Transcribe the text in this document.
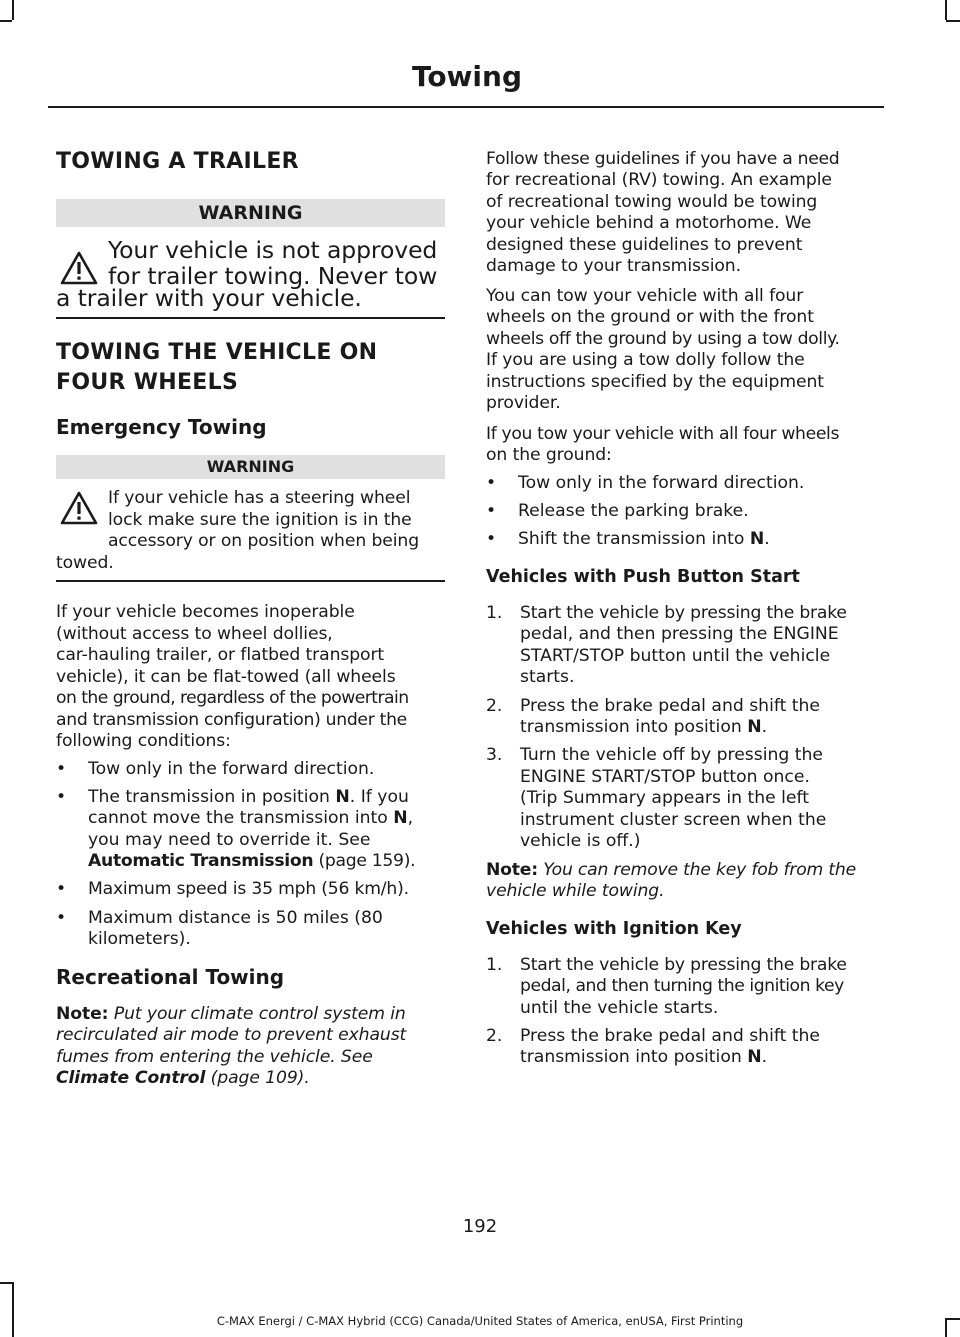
Towing
TOWING A TRAILER
WARNING
Your vehicle is not approved
for trailer towing. Never tow
a trailer with your vehicle.
TOWING THE VEHICLE ON
FOUR WHEELS
Emergency Towing
WARNING
If your vehicle has a steering wheel
lock make sure the ignition is in the
accessory or on position when being
towed.
If your vehicle becomes inoperable
(without access to wheel dollies,
car-hauling trailer, or flatbed transport
vehicle), it can be flat-towed (all wheels
on the ground, regardless of the powertrain
and transmission configuration) under the
following conditions:
• Tow only in the forward direction.
• The transmission in position N. If you
cannot move the transmission into N,
you may need to override it. See
Automatic Transmission (page 159).
• Maximum speed is 35 mph (56 km/h).
• Maximum distance is 50 miles (80
kilometers).
Recreational Towing
Note: Put your climate control system in
recirculated air mode to prevent exhaust
fumes from entering the vehicle. See
Climate Control (page 109).
Follow these guidelines if you have a need
for recreational (RV) towing. An example
of recreational towing would be towing
your vehicle behind a motorhome. We
designed these guidelines to prevent
damage to your transmission.
You can tow your vehicle with all four
wheels on the ground or with the front
wheels off the ground by using a tow dolly.
If you are using a tow dolly follow the
instructions specified by the equipment
provider.
If you tow your vehicle with all four wheels
on the ground:
• Tow only in the forward direction.
• Release the parking brake.
• Shift the transmission into N.
Vehicles with Push Button Start
1. Start the vehicle by pressing the brake
pedal, and then pressing the ENGINE
START/STOP button until the vehicle
starts.
2. Press the brake pedal and shift the
transmission into position N.
3. Turn the vehicle off by pressing the
ENGINE START/STOP button once.
(Trip Summary appears in the left
instrument cluster screen when the
vehicle is off.)
Note: You can remove the key fob from the
vehicle while towing.
Vehicles with Ignition Key
1. Start the vehicle by pressing the brake
pedal, and then turning the ignition key
until the vehicle starts.
2. Press the brake pedal and shift the
transmission into position N.
192
C-MAX Energi / C-MAX Hybrid (CCG) Canada/United States of America, enUSA, First Printing
